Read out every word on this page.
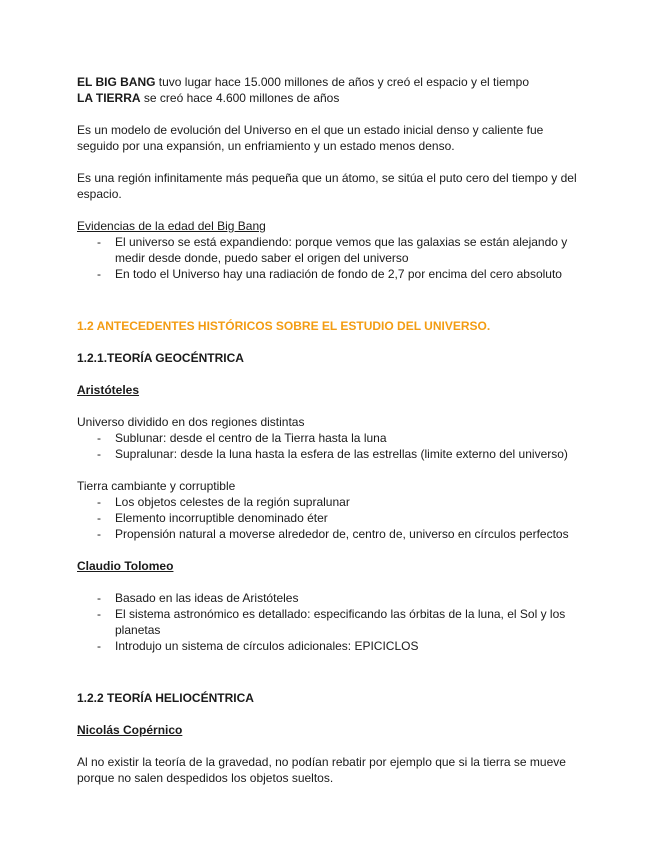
EL BIG BANG tuvo lugar hace 15.000 millones de años y creó el espacio y el tiempo

LA TIERRA se creó hace 4.600 millones de años

Es un modelo de evolución del Universo en el que un estado inicial denso y caliente fue seguido por una expansión, un enfriamiento y un estado menos denso.

Es una región infinitamente más pequeña que un átomo, se sitúa el puto cero del tiempo y del espacio.

Evidencias de la edad del Big Bang

- El universo se está expandiendo: porque vemos que las galaxias se están alejando y medir desde donde, puedo saber el origen del universo
- En todo el Universo hay una radiación de fondo de 2,7 por encima del cero absoluto

1.2 ANTECEDENTES HISTÓRICOS SOBRE EL ESTUDIO DEL UNIVERSO.

1.2.1.TEORÍA GEOCÉNTRICA

Aristóteles

Universo dividido en dos regiones distintas

- Sublunar: desde el centro de la Tierra hasta la luna
- Supralunar: desde la luna hasta la esfera de las estrellas (limite externo del universo)

Tierra cambiante y corruptible

- Los objetos celestes de la región supralunar
- Elemento incorruptible denominado éter
- Propensión natural a moverse alrededor de, centro de, universo en círculos perfectos

Claudio Tolomeo

- Basado en las ideas de Aristóteles
- El sistema astronómico es detallado: especificando las órbitas de la luna, el Sol y los planetas
- Introdujo un sistema de círculos adicionales: EPICICLOS

1.2.2 TEORÍA HELIOCÉNTRICA

Nicolás Copérnico

Al no existir la teoría de la gravedad, no podían rebatir por ejemplo que si la tierra se mueve porque no salen despedidos los objetos sueltos.
